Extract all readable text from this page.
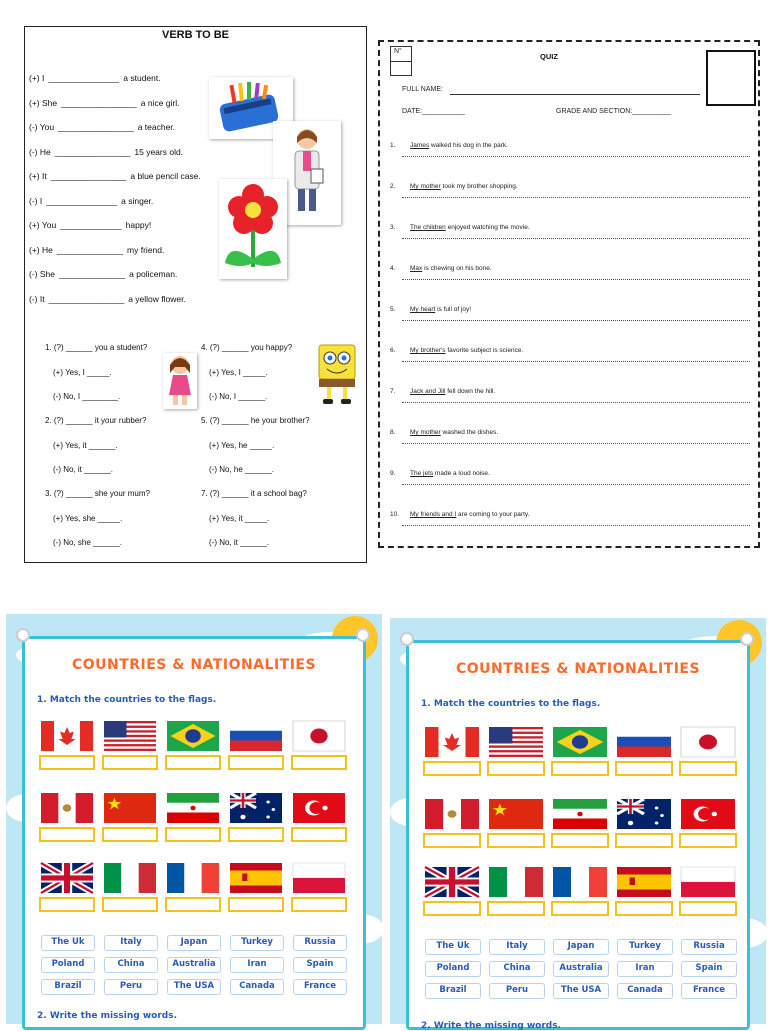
VERB TO BE
(+) I _______________ a student.
(+) She ________________ a nice girl.
(-) You ________________ a teacher.
(-) He ________________ 15 years old.
(+) It ________________ a blue pencil case.
(-) I _______________ a singer.
(+) You _____________ happy!
(+) He ______________ my friend.
(-) She ______________ a policeman.
(-) It ________________ a yellow flower.
1. (?) ______ you a student?
(+) Yes, I _____.
(-) No, I ________.
4. (?) ______ you happy?
(+) Yes, I _____.
(-) No, I ______.
2. (?) ______ it your rubber?
(+) Yes, it ______.
(-) No, it ______.
5. (?) ______ he your brother?
(+) Yes, he _____.
(-) No, he ______.
3. (?) ______ she your mum?
(+) Yes, she _____.
(-) No, she ______.
7. (?) ______ it a school bag?
(+) Yes, it _____.
(-) No, it ______.
N°
QUIZ
FULL NAME:
DATE:___________	GRADE AND SECTION:__________
1. James walked his dog in the park.
2. My mother took my brother shopping.
3. The children enjoyed watching the movie.
4. Max is chewing on his bone.
5. My heart is full of joy!
6. My brother's favorite subject is science.
7. Jack and Jill fell down the hill.
8. My mother washed the dishes.
9. The jets made a loud noise.
10. My friends and I are coming to your party.
COUNTRIES & NATIONALITIES
1. Match the countries to the flags.
The Uk	Italy	Japan	Turkey	Russia
Poland	China	Australia	Iran	Spain
Brazil	Peru	The USA	Canada	France
2. Write the missing words.
COUNTRIES & NATIONALITIES
1. Match the countries to the flags.
The Uk	Italy	Japan	Turkey	Russia
Poland	China	Australia	Iran	Spain
Brazil	Peru	The USA	Canada	France
2. Write the missing words.
